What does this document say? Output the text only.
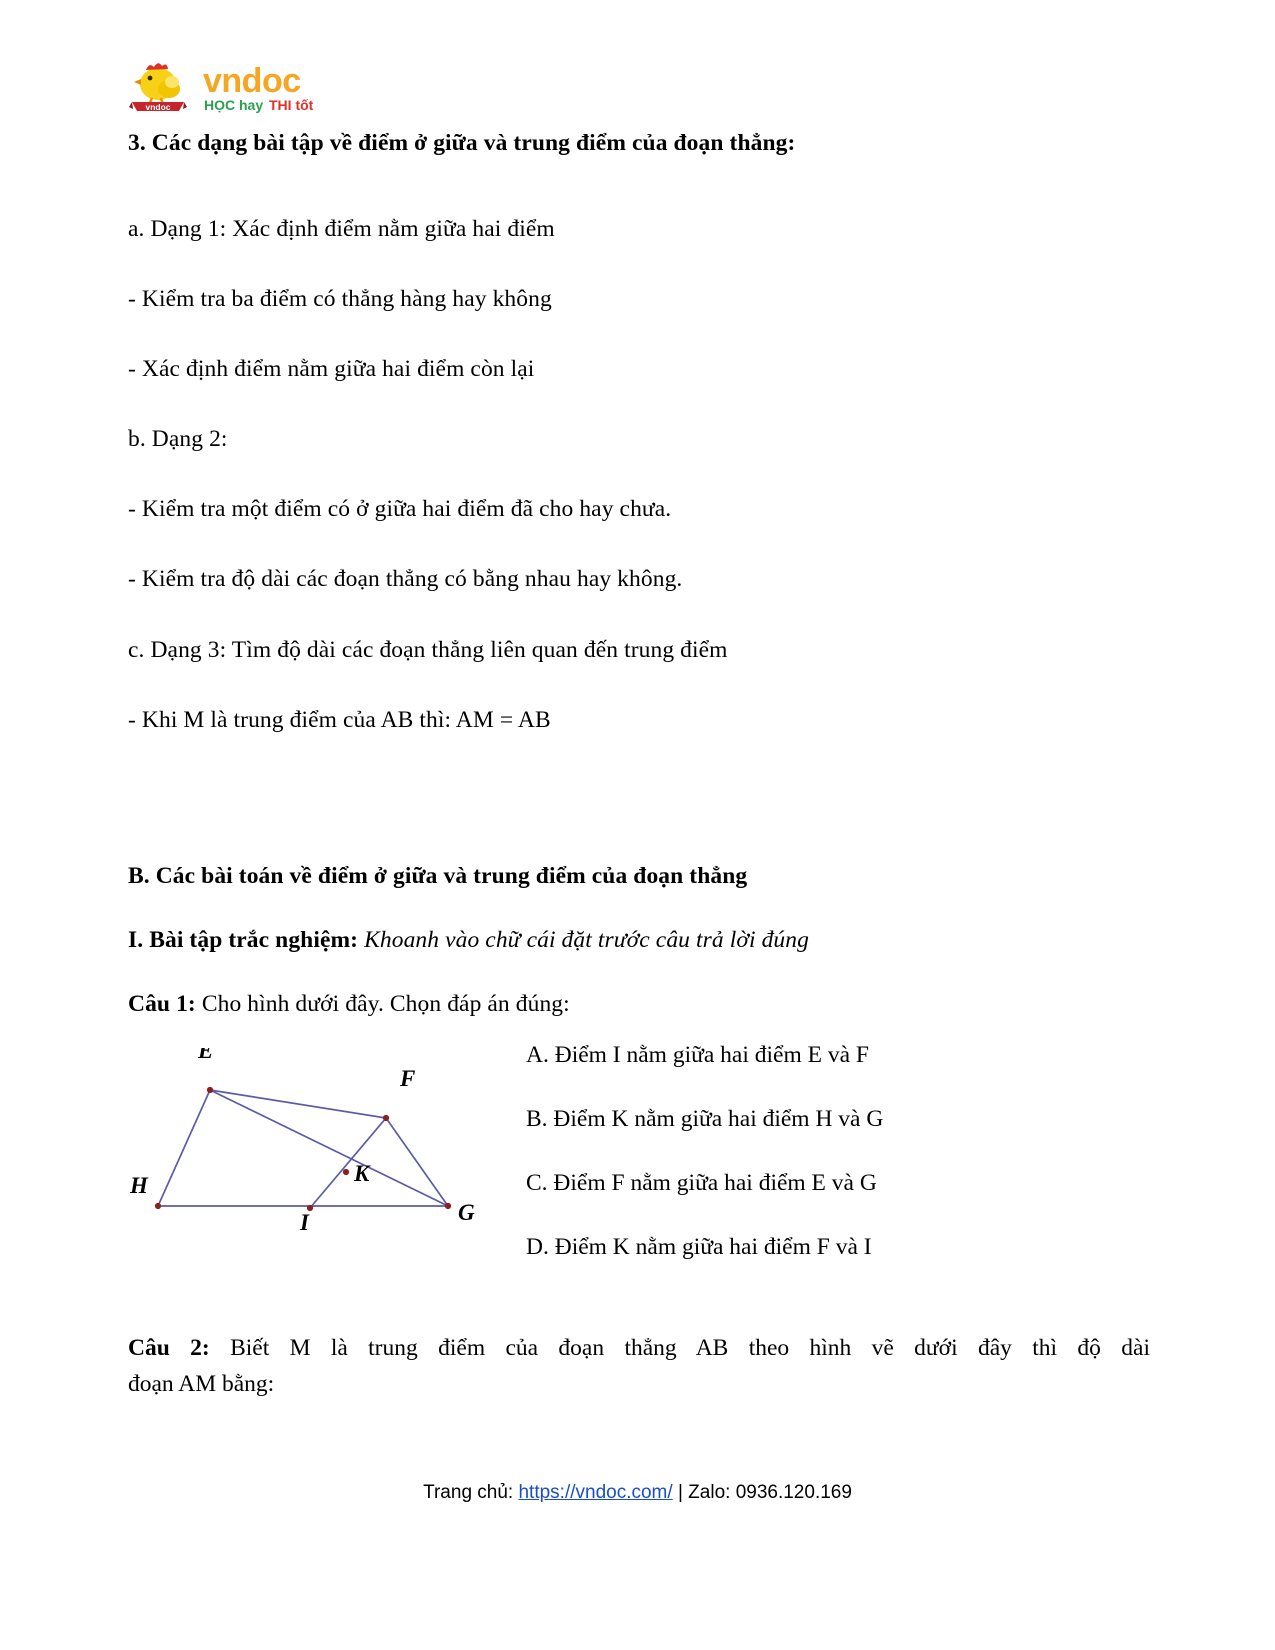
vndoc
vndoc
HỌC hay THI tốt

3. Các dạng bài tập về điểm ở giữa và trung điểm của đoạn thẳng:

a. Dạng 1: Xác định điểm nằm giữa hai điểm

- Kiểm tra ba điểm có thẳng hàng hay không

- Xác định điểm nằm giữa hai điểm còn lại

b. Dạng 2:

- Kiểm tra một điểm có ở giữa hai điểm đã cho hay chưa.

- Kiểm tra độ dài các đoạn thẳng có bằng nhau hay không.

c. Dạng 3: Tìm độ dài các đoạn thẳng liên quan đến trung điểm

- Khi M là trung điểm của AB thì: AM = AB

B. Các bài toán về điểm ở giữa và trung điểm của đoạn thẳng

I. Bài tập trắc nghiệm: Khoanh vào chữ cái đặt trước câu trả lời đúng

Câu 1: Cho hình dưới đây. Chọn đáp án đúng:

E
F
H
I
K
G

A. Điểm I nằm giữa hai điểm E và F

B. Điểm K nằm giữa hai điểm H và G

C. Điểm F nằm giữa hai điểm E và G

D. Điểm K nằm giữa hai điểm F và I

Câu 2: Biết M là trung điểm của đoạn thẳng AB theo hình vẽ dưới đây thì độ dài

đoạn AM bằng:

Trang chủ: https://vndoc.com/ | Zalo: 0936.120.169
